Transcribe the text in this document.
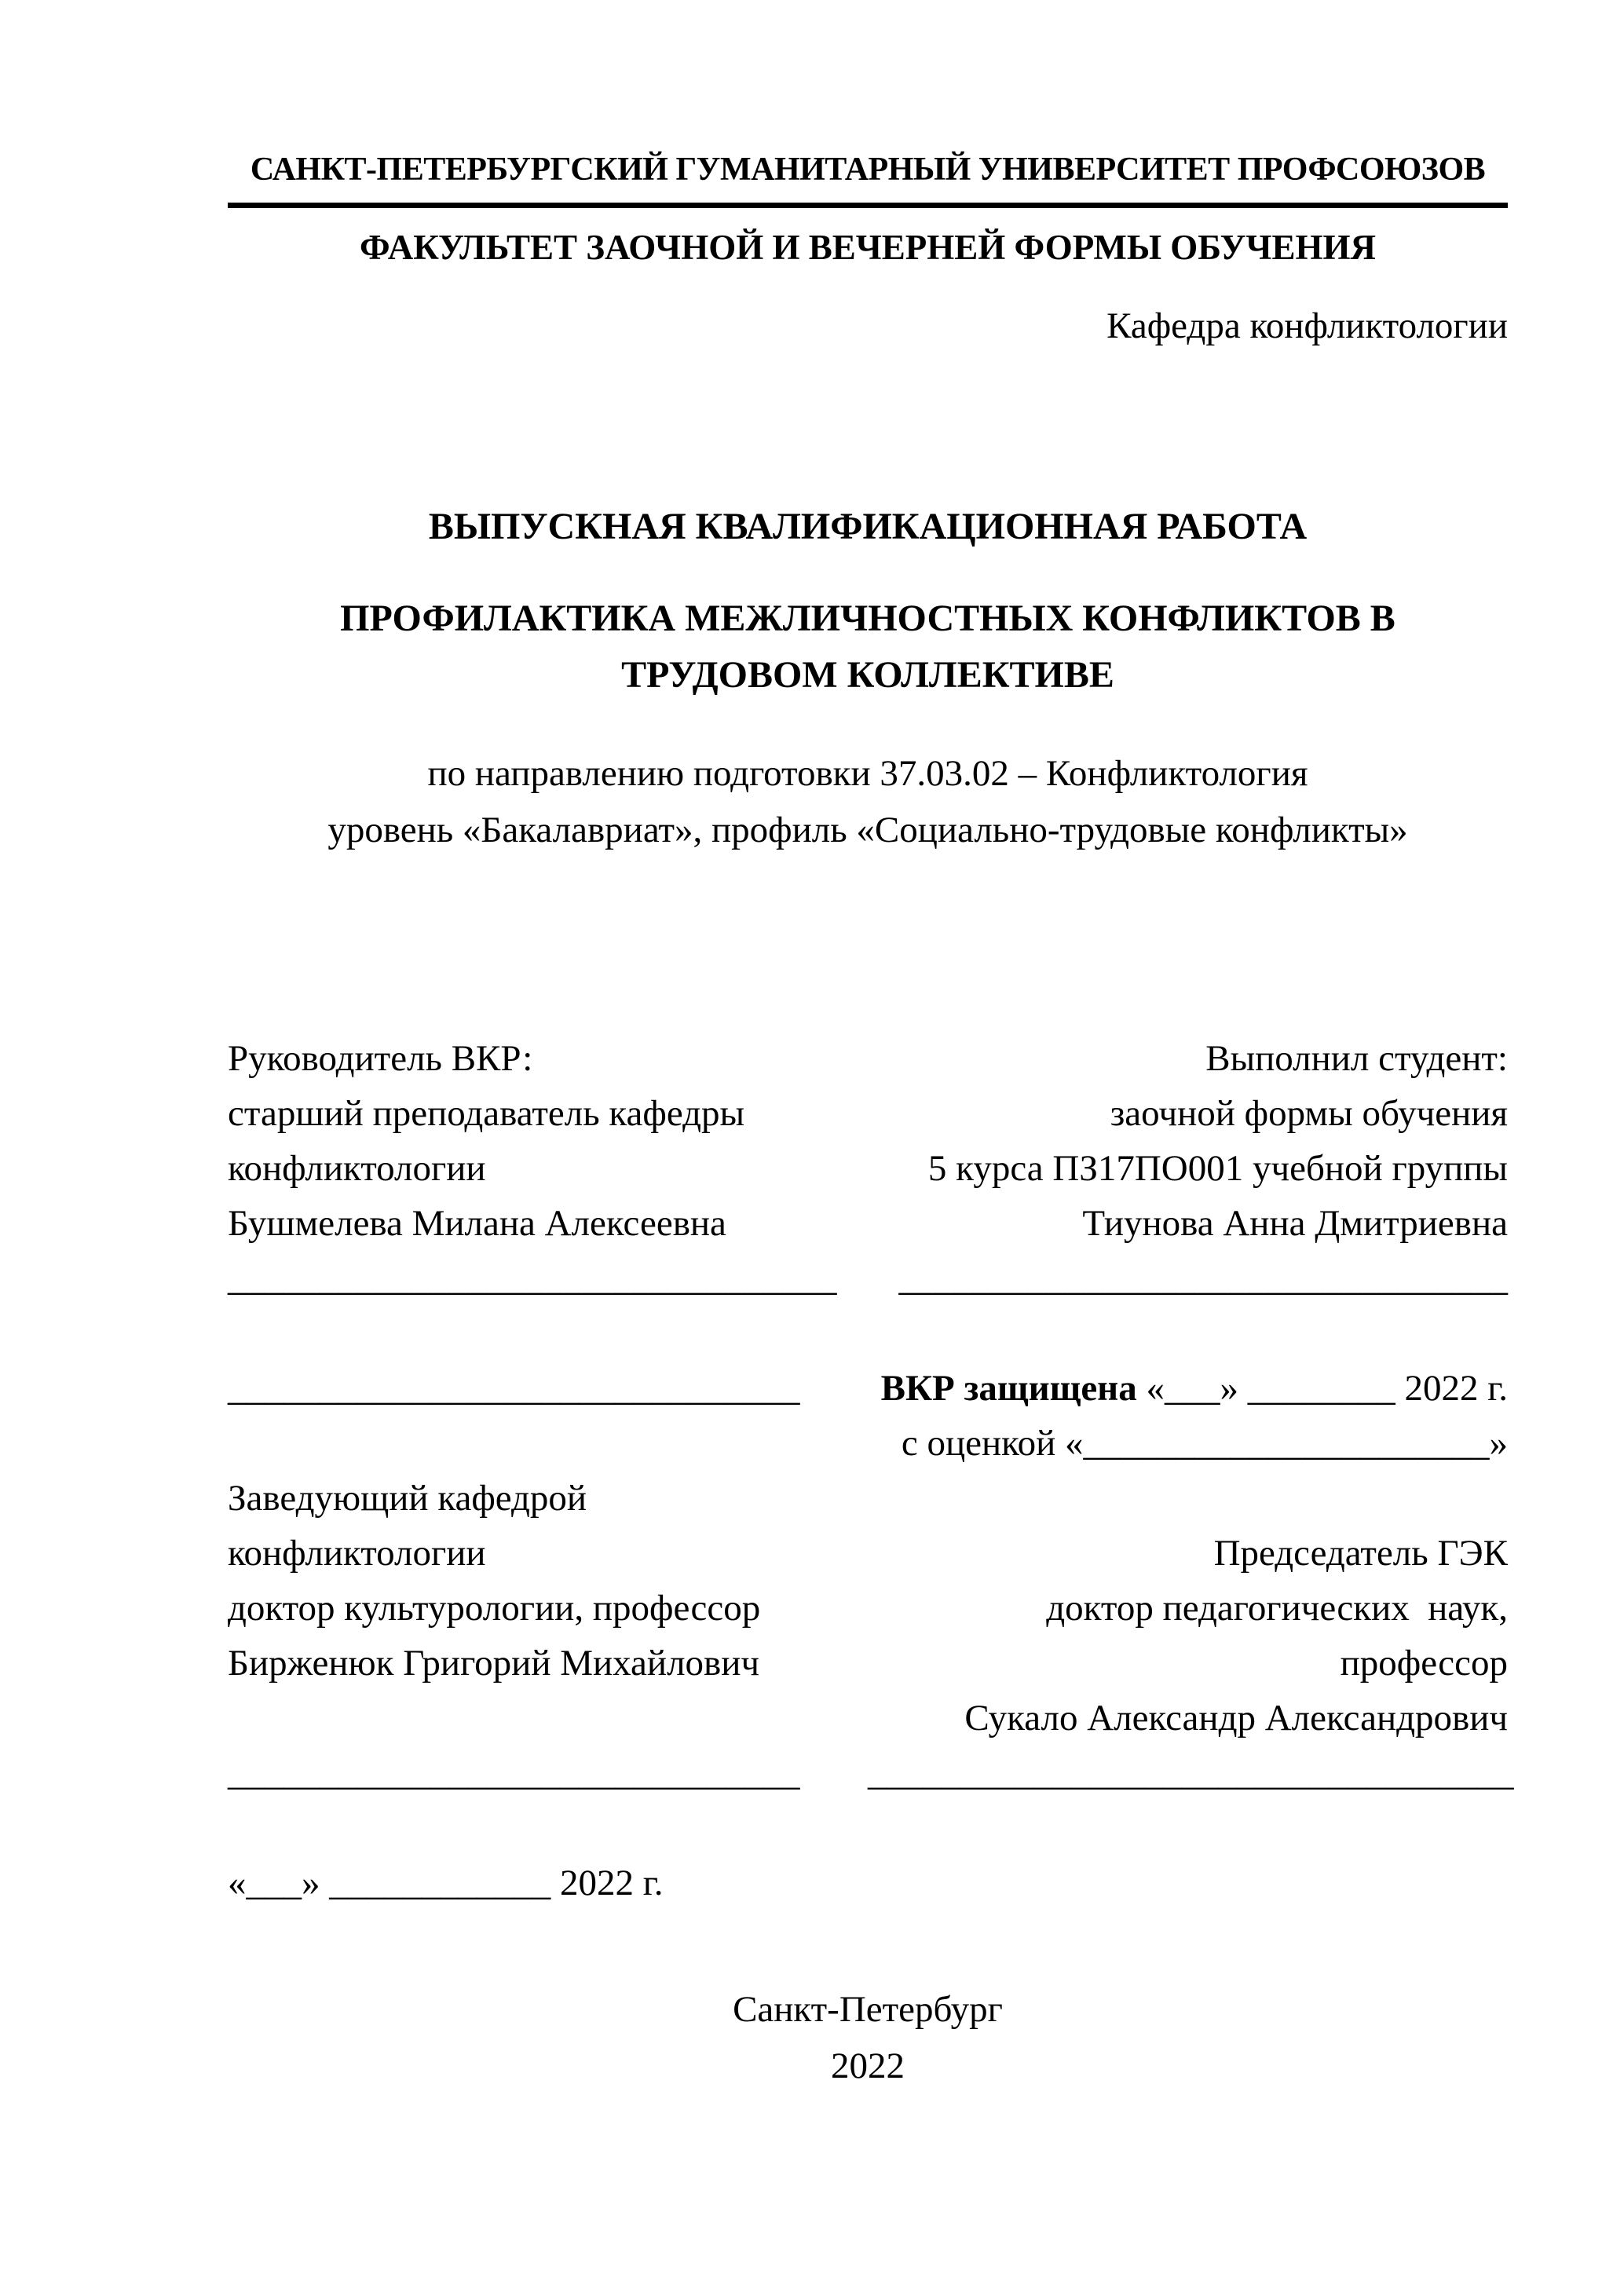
САНКТ-ПЕТЕРБУРГСКИЙ ГУМАНИТАРНЫЙ УНИВЕРСИТЕТ ПРОФСОЮЗОВ
ФАКУЛЬТЕТ ЗАОЧНОЙ И ВЕЧЕРНЕЙ ФОРМЫ ОБУЧЕНИЯ
Кафедра конфликтологии
ВЫПУСКНАЯ КВАЛИФИКАЦИОННАЯ РАБОТА
ПРОФИЛАКТИКА МЕЖЛИЧНОСТНЫХ КОНФЛИКТОВ В
ТРУДОВОМ КОЛЛЕКТИВЕ
по направлению подготовки 37.03.02 – Конфликтология
уровень «Бакалавриат», профиль «Социально-трудовые конфликты»
Руководитель ВКР:	Выполнил студент:
старший преподаватель кафедры	заочной формы обучения
конфликтологии	5 курса ПЗ17ПО001 учебной группы
Бушмелева Милана Алексеевна	Тиунова Анна Дмитриевна
_________________________________	_________________________________
_______________________________	ВКР защищена «___» ________ 2022 г.
с оценкой «______________________»
Заведующий кафедрой
конфликтологии	Председатель ГЭК
доктор культурологии, профессор	доктор педагогических  наук,
Бирженюк Григорий Михайлович	профессор
Сукало Александр Александрович
_______________________________	___________________________________
«___» ____________ 2022 г.
Санкт-Петербург
2022
